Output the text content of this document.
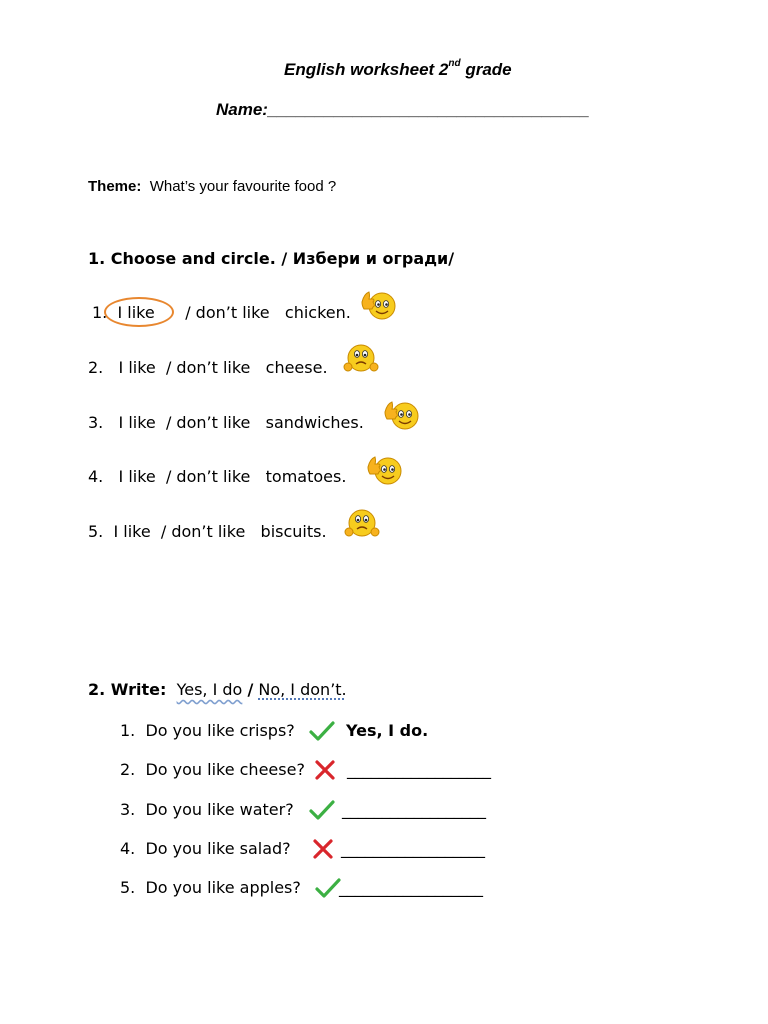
English worksheet 2nd grade
Name:__________________________________
Theme: What’s your favourite food ?
1. Choose and circle. / Избери и огради/
1. I like / don’t like chicken.
2. I like / don’t like cheese.
3. I like / don’t like sandwiches.
4. I like / don’t like tomatoes.
5. I like / don’t like biscuits.
2. Write: Yes, I do / No, I don’t.
1. Do you like crisps?
2. Do you like cheese?
3. Do you like water?
4. Do you like salad?
5. Do you like apples?
Yes, I do.
__________________
__________________
__________________
__________________
